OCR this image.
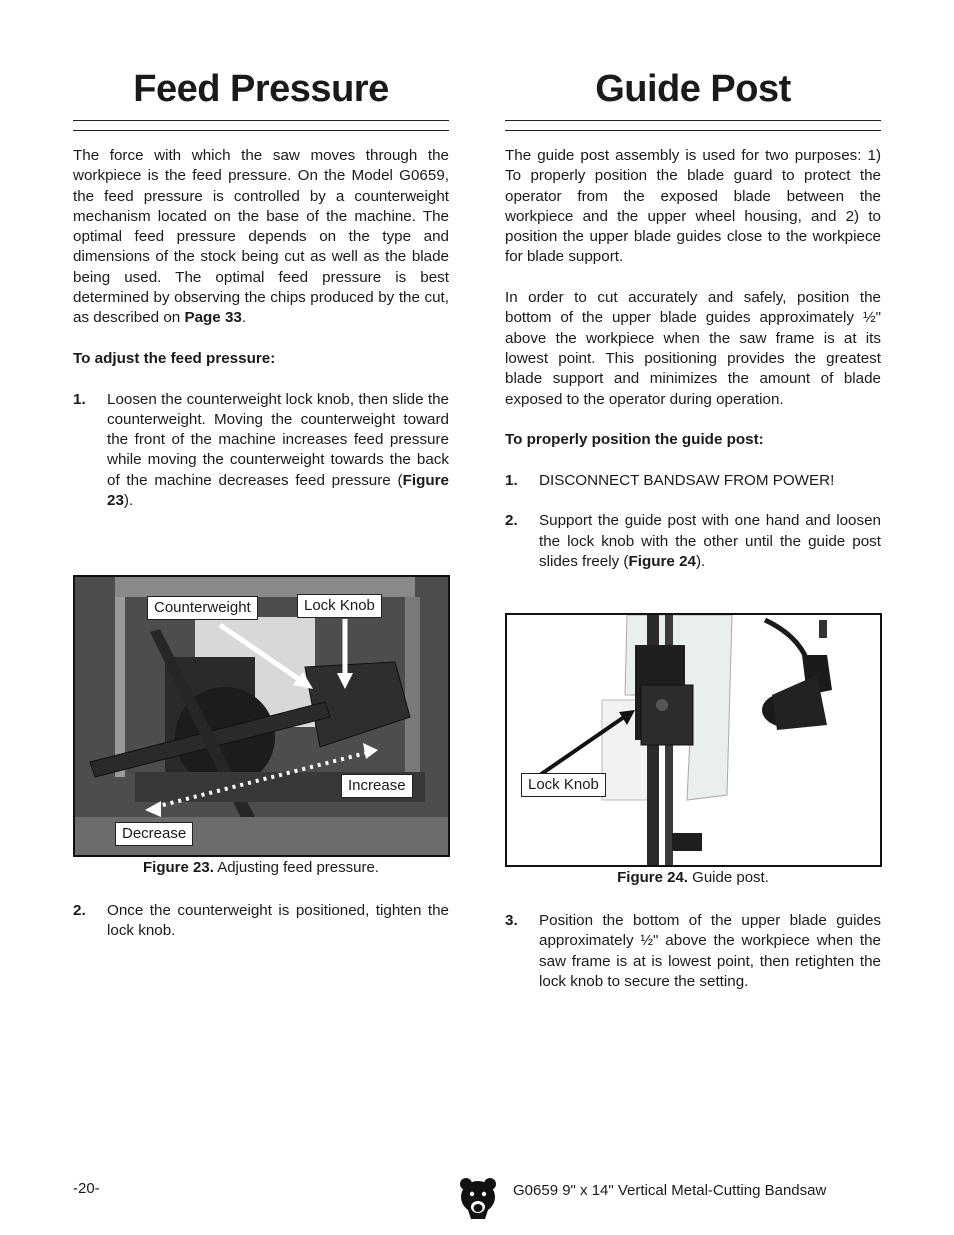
Feed Pressure

The force with which the saw moves through the workpiece is the feed pressure. On the Model G0659, the feed pressure is controlled by a counterweight mechanism located on the base of the machine. The optimal feed pressure depends on the type and dimensions of the stock being cut as well as the blade being used. The optimal feed pressure is best determined by observing the chips produced by the cut, as described on Page 33.

To adjust the feed pressure:

1. Loosen the counterweight lock knob, then slide the counterweight. Moving the counterweight toward the front of the machine increases feed pressure while moving the counterweight towards the back of the machine decreases feed pressure (Figure 23).
Counterweight	Lock Knob
Increase
Decrease
Figure 23. Adjusting feed pressure.
2. Once the counterweight is positioned, tighten the lock knob.
Guide Post

The guide post assembly is used for two purposes: 1) To properly position the blade guard to protect the operator from the exposed blade between the workpiece and the upper wheel housing, and 2) to position the upper blade guides close to the workpiece for blade support.

In order to cut accurately and safely, position the bottom of the upper blade guides approximately ½" above the workpiece when the saw frame is at its lowest point. This positioning provides the greatest blade support and minimizes the amount of blade exposed to the operator during operation.

To properly position the guide post:

1. DISCONNECT BANDSAW FROM POWER!
2. Support the guide post with one hand and loosen the lock knob with the other until the guide post slides freely (Figure 24).
Lock Knob
Figure 24. Guide post.
3. Position the bottom of the upper blade guides approximately ½" above the workpiece when the saw frame is at is lowest point, then retighten the lock knob to secure the setting.
-20-	G0659 9" x 14" Vertical Metal-Cutting Bandsaw
